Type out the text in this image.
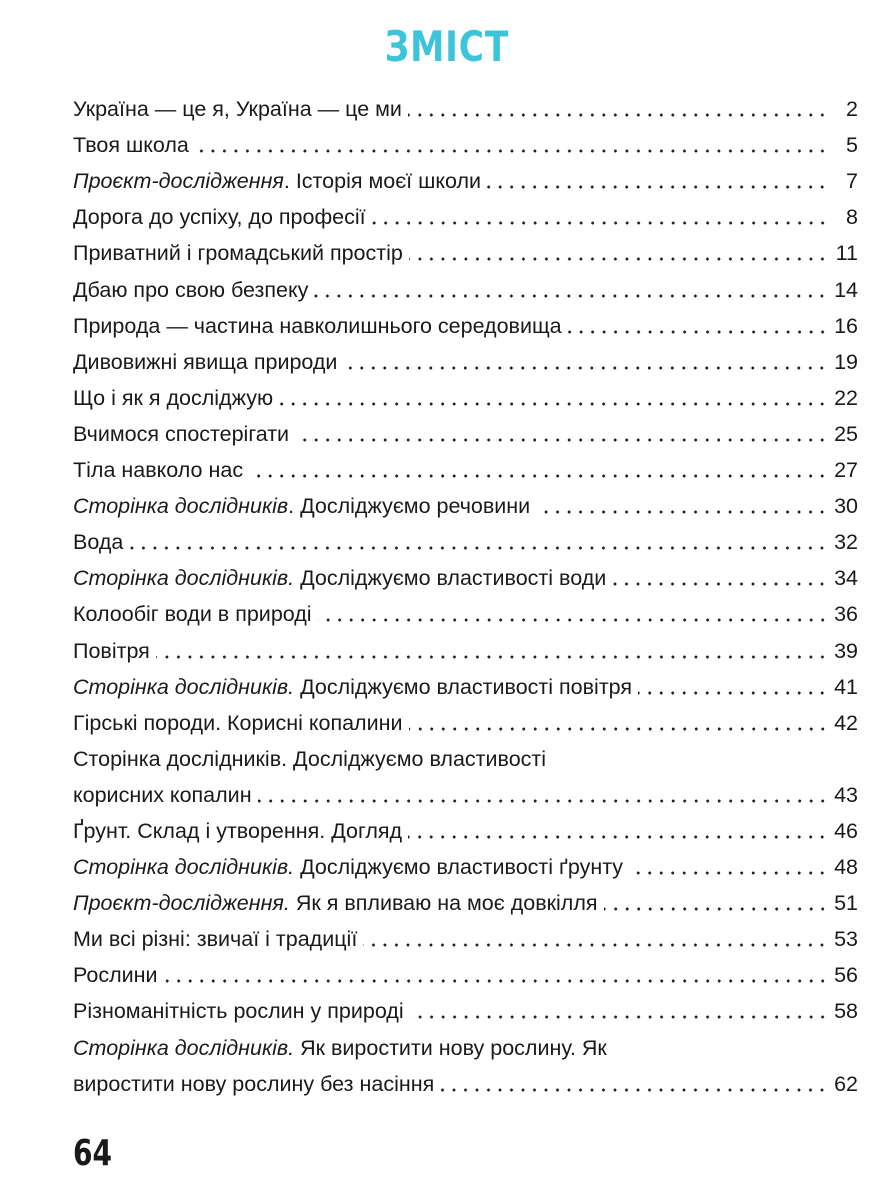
ЗМІСТ
Україна — це я, Україна — це ми	2
Твоя школа	5
Проєкт-дослідження. Історія моєї школи	7
Дорога до успіху, до професії	8
Приватний і громадський простір	11
Дбаю про свою безпеку	14
Природа — частина навколишнього середовища	16
Дивовижні явища природи	19
Що і як я досліджую	22
Вчимося спостерігати	25
Тіла навколо нас	27
Сторінка дослідників. Досліджуємо речовини	30
Вода	32
Сторінка дослідників. Досліджуємо властивості води	34
Колообіг води в природі	36
Повітря	39
Сторінка дослідників. Досліджуємо властивості повітря	41
Гірські породи. Корисні копалини	42
Сторінка дослідників. Досліджуємо властивості
корисних копалин	43
Ґрунт. Склад і утворення. Догляд	46
Сторінка дослідників. Досліджуємо властивості ґрунту	48
Проєкт-дослідження. Як я впливаю на моє довкілля	51
Ми всі різні: звичаї і традиції	53
Рослини	56
Різноманітність рослин у природі	58
Сторінка дослідників. Як виростити нову рослину. Як
виростити нову рослину без насіння	62
64
